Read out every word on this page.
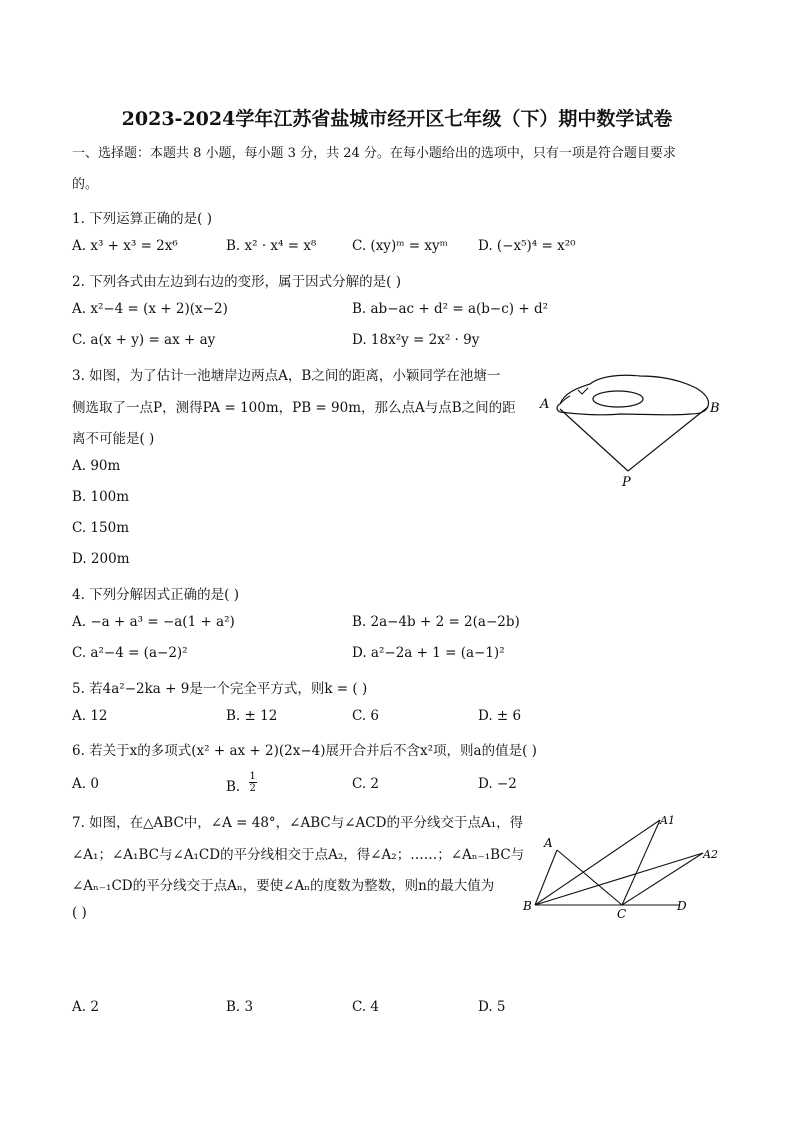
2023-2024学年江苏省盐城市经开区七年级（下）期中数学试卷
一、选择题：本题共 8 小题，每小题 3 分，共 24 分。在每小题给出的选项中，只有一项是符合题目要求
的。
1. 下列运算正确的是( )
A. x³ + x³ = 2x⁶	B. x² · x⁴ = x⁸	C. (xy)ᵐ = xyᵐ D. (−x⁵)⁴ = x²⁰
2. 下列各式由左边到右边的变形，属于因式分解的是( )
A. x²−4 = (x + 2)(x−2)	B. ab−ac + d² = a(b−c) + d²
C. a(x + y) = ax + ay	D. 18x²y = 2x² · 9y
3. 如图，为了估计一池塘岸边两点A，B之间的距离，小颖同学在池塘一
侧选取了一点P，测得PA = 100m，PB = 90m，那么点A与点B之间的距
离不可能是( )
A. 90m
B. 100m
C. 150m
D. 200m
A	B
P
4. 下列分解因式正确的是( )
A. −a + a³ = −a(1 + a²)	B. 2a−4b + 2 = 2(a−2b)
C. a²−4 = (a−2)²	D. a²−2a + 1 = (a−1)²
5. 若4a²−2ka + 9是一个完全平方式，则k = ( )
A. 12	B. ± 12	C. 6	D. ± 6
6. 若关于x的多项式(x² + ax + 2)(2x−4)展开合并后不含x²项，则a的值是( )
A. 0	B. $\frac{1}{2}$	C. 2	D. −2
7. 如图，在△ABC中，∠A = 48°，∠ABC与∠ACD的平分线交于点A₁，得
∠A₁；∠A₁BC与∠A₁CD的平分线相交于点A₂，得∠A₂；……；∠Aₙ₋₁BC与
∠Aₙ₋₁CD的平分线交于点Aₙ，要使∠Aₙ的度数为整数，则n的最大值为
( )
A
A1
A2
B
C
D
A. 2	B. 3	C. 4	D. 5
